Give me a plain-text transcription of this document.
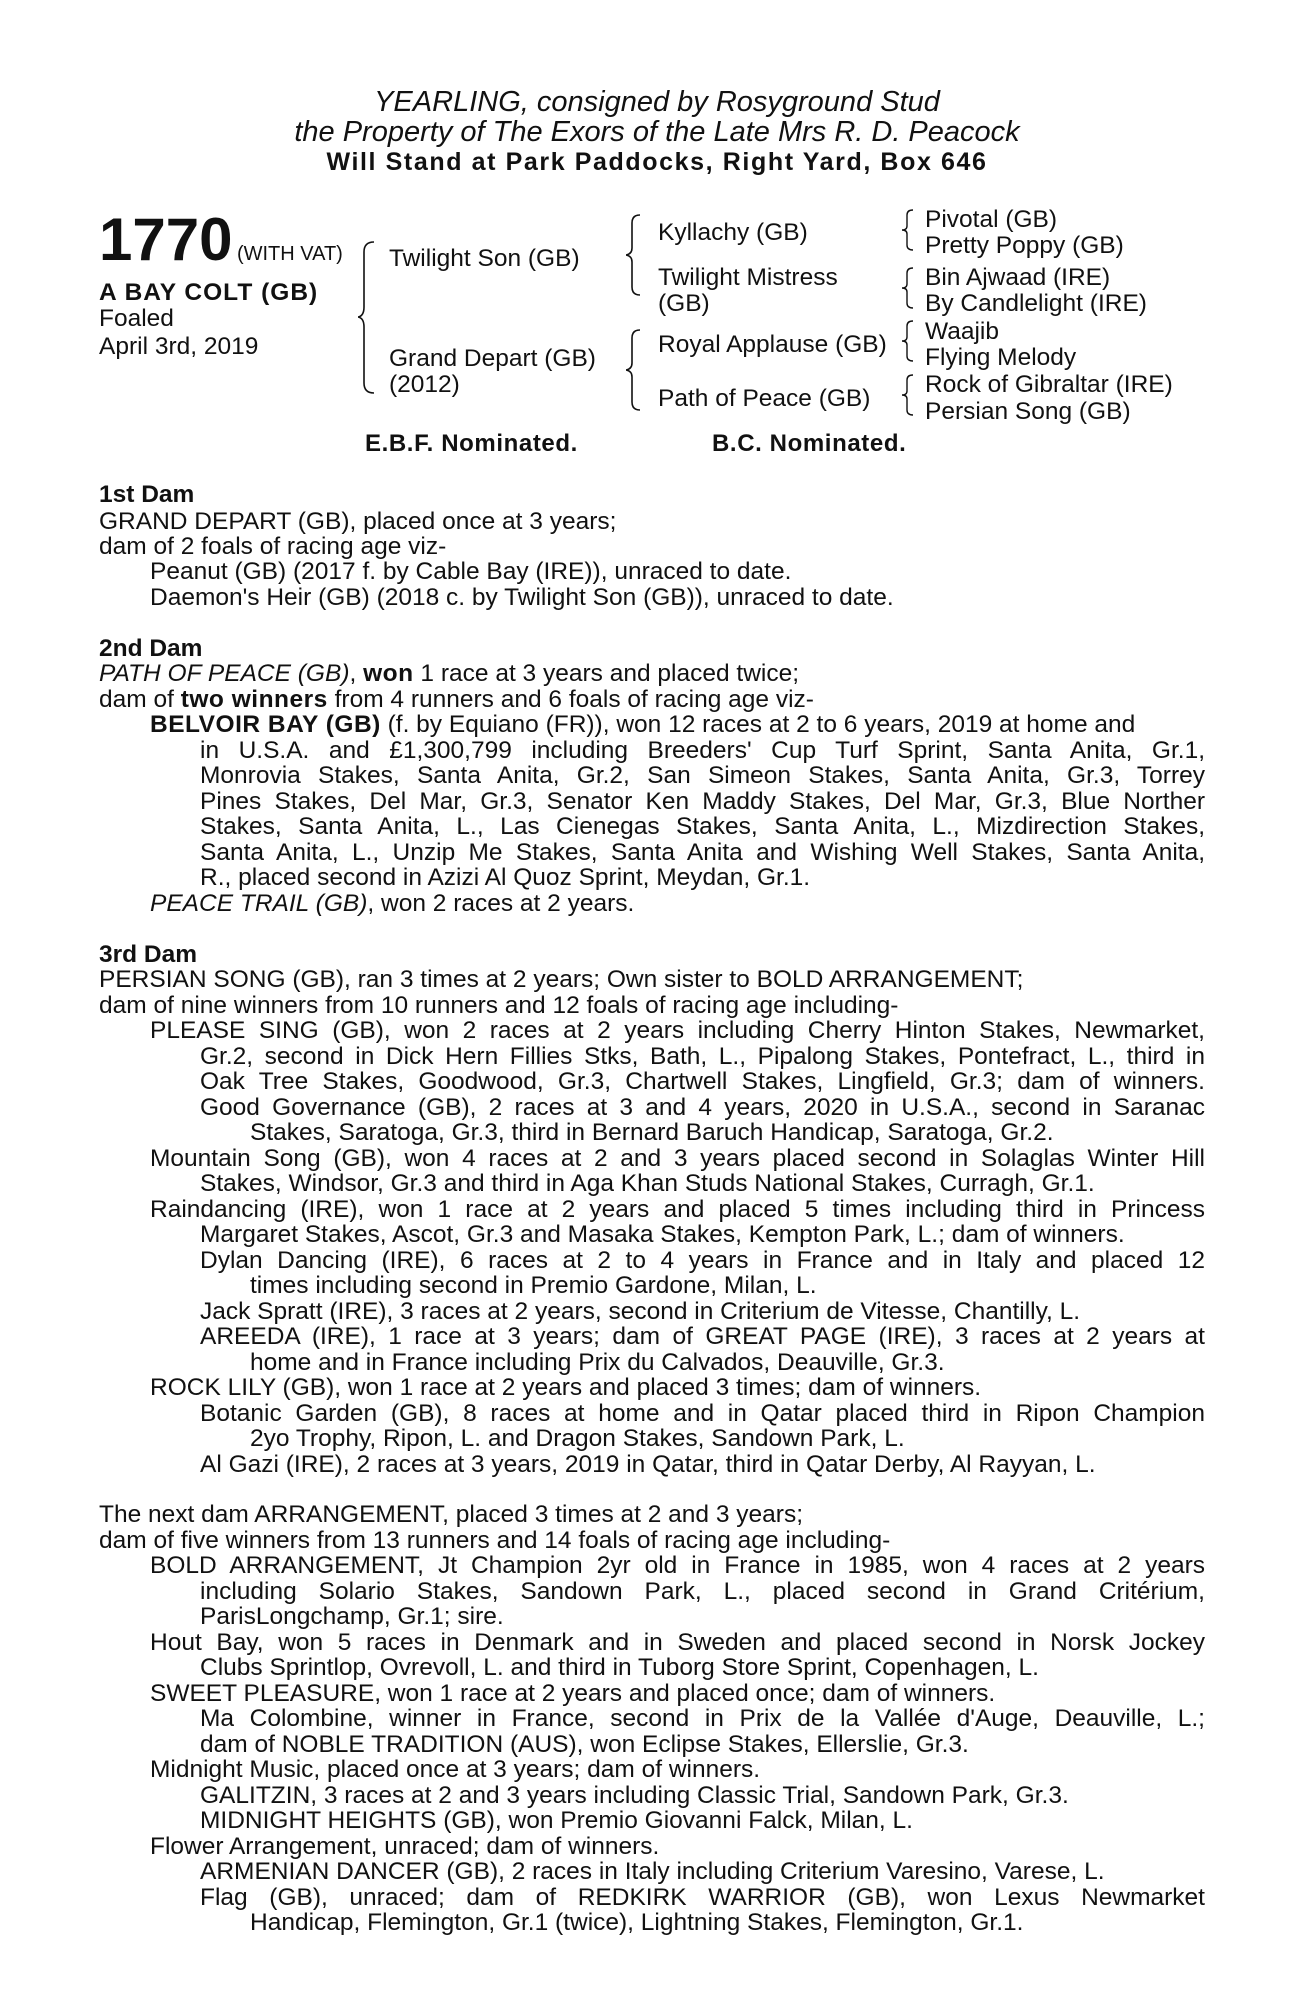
YEARLING, consigned by Rosyground Stud
the Property of The Exors of the Late Mrs R. D. Peacock
Will Stand at Park Paddocks, Right Yard, Box 646
1770 (WITH VAT)
A BAY COLT (GB)
Foaled
April 3rd, 2019
Twilight Son (GB)
Grand Depart (GB)
(2012)
Kyllachy (GB)
Twilight Mistress
(GB)
Royal Applause (GB)
Path of Peace (GB)
Pivotal (GB)
Pretty Poppy (GB)
Bin Ajwaad (IRE)
By Candlelight (IRE)
Waajib
Flying Melody
Rock of Gibraltar (IRE)
Persian Song (GB)
E.B.F. Nominated.	B.C. Nominated.
1st Dam
GRAND DEPART (GB), placed once at 3 years;
dam of 2 foals of racing age viz-
Peanut (GB) (2017 f. by Cable Bay (IRE)), unraced to date.
Daemon's Heir (GB) (2018 c. by Twilight Son (GB)), unraced to date.
2nd Dam
PATH OF PEACE (GB), won 1 race at 3 years and placed twice;
dam of two winners from 4 runners and 6 foals of racing age viz-
BELVOIR BAY (GB) (f. by Equiano (FR)), won 12 races at 2 to 6 years, 2019 at home and
in U.S.A. and £1,300,799 including Breeders' Cup Turf Sprint, Santa Anita, Gr.1,
Monrovia Stakes, Santa Anita, Gr.2, San Simeon Stakes, Santa Anita, Gr.3, Torrey
Pines Stakes, Del Mar, Gr.3, Senator Ken Maddy Stakes, Del Mar, Gr.3, Blue Norther
Stakes, Santa Anita, L., Las Cienegas Stakes, Santa Anita, L., Mizdirection Stakes,
Santa Anita, L., Unzip Me Stakes, Santa Anita and Wishing Well Stakes, Santa Anita,
R., placed second in Azizi Al Quoz Sprint, Meydan, Gr.1.
PEACE TRAIL (GB), won 2 races at 2 years.
3rd Dam
PERSIAN SONG (GB), ran 3 times at 2 years; Own sister to BOLD ARRANGEMENT;
dam of nine winners from 10 runners and 12 foals of racing age including-
PLEASE SING (GB), won 2 races at 2 years including Cherry Hinton Stakes, Newmarket,
Gr.2, second in Dick Hern Fillies Stks, Bath, L., Pipalong Stakes, Pontefract, L., third in
Oak Tree Stakes, Goodwood, Gr.3, Chartwell Stakes, Lingfield, Gr.3; dam of winners.
Good Governance (GB), 2 races at 3 and 4 years, 2020 in U.S.A., second in Saranac
Stakes, Saratoga, Gr.3, third in Bernard Baruch Handicap, Saratoga, Gr.2.
Mountain Song (GB), won 4 races at 2 and 3 years placed second in Solaglas Winter Hill
Stakes, Windsor, Gr.3 and third in Aga Khan Studs National Stakes, Curragh, Gr.1.
Raindancing (IRE), won 1 race at 2 years and placed 5 times including third in Princess
Margaret Stakes, Ascot, Gr.3 and Masaka Stakes, Kempton Park, L.; dam of winners.
Dylan Dancing (IRE), 6 races at 2 to 4 years in France and in Italy and placed 12
times including second in Premio Gardone, Milan, L.
Jack Spratt (IRE), 3 races at 2 years, second in Criterium de Vitesse, Chantilly, L.
AREEDA (IRE), 1 race at 3 years; dam of GREAT PAGE (IRE), 3 races at 2 years at
home and in France including Prix du Calvados, Deauville, Gr.3.
ROCK LILY (GB), won 1 race at 2 years and placed 3 times; dam of winners.
Botanic Garden (GB), 8 races at home and in Qatar placed third in Ripon Champion
2yo Trophy, Ripon, L. and Dragon Stakes, Sandown Park, L.
Al Gazi (IRE), 2 races at 3 years, 2019 in Qatar, third in Qatar Derby, Al Rayyan, L.
The next dam ARRANGEMENT, placed 3 times at 2 and 3 years;
dam of five winners from 13 runners and 14 foals of racing age including-
BOLD ARRANGEMENT, Jt Champion 2yr old in France in 1985, won 4 races at 2 years
including Solario Stakes, Sandown Park, L., placed second in Grand Critérium,
ParisLongchamp, Gr.1; sire.
Hout Bay, won 5 races in Denmark and in Sweden and placed second in Norsk Jockey
Clubs Sprintlop, Ovrevoll, L. and third in Tuborg Store Sprint, Copenhagen, L.
SWEET PLEASURE, won 1 race at 2 years and placed once; dam of winners.
Ma Colombine, winner in France, second in Prix de la Vallée d'Auge, Deauville, L.;
dam of NOBLE TRADITION (AUS), won Eclipse Stakes, Ellerslie, Gr.3.
Midnight Music, placed once at 3 years; dam of winners.
GALITZIN, 3 races at 2 and 3 years including Classic Trial, Sandown Park, Gr.3.
MIDNIGHT HEIGHTS (GB), won Premio Giovanni Falck, Milan, L.
Flower Arrangement, unraced; dam of winners.
ARMENIAN DANCER (GB), 2 races in Italy including Criterium Varesino, Varese, L.
Flag (GB), unraced; dam of REDKIRK WARRIOR (GB), won Lexus Newmarket
Handicap, Flemington, Gr.1 (twice), Lightning Stakes, Flemington, Gr.1.
